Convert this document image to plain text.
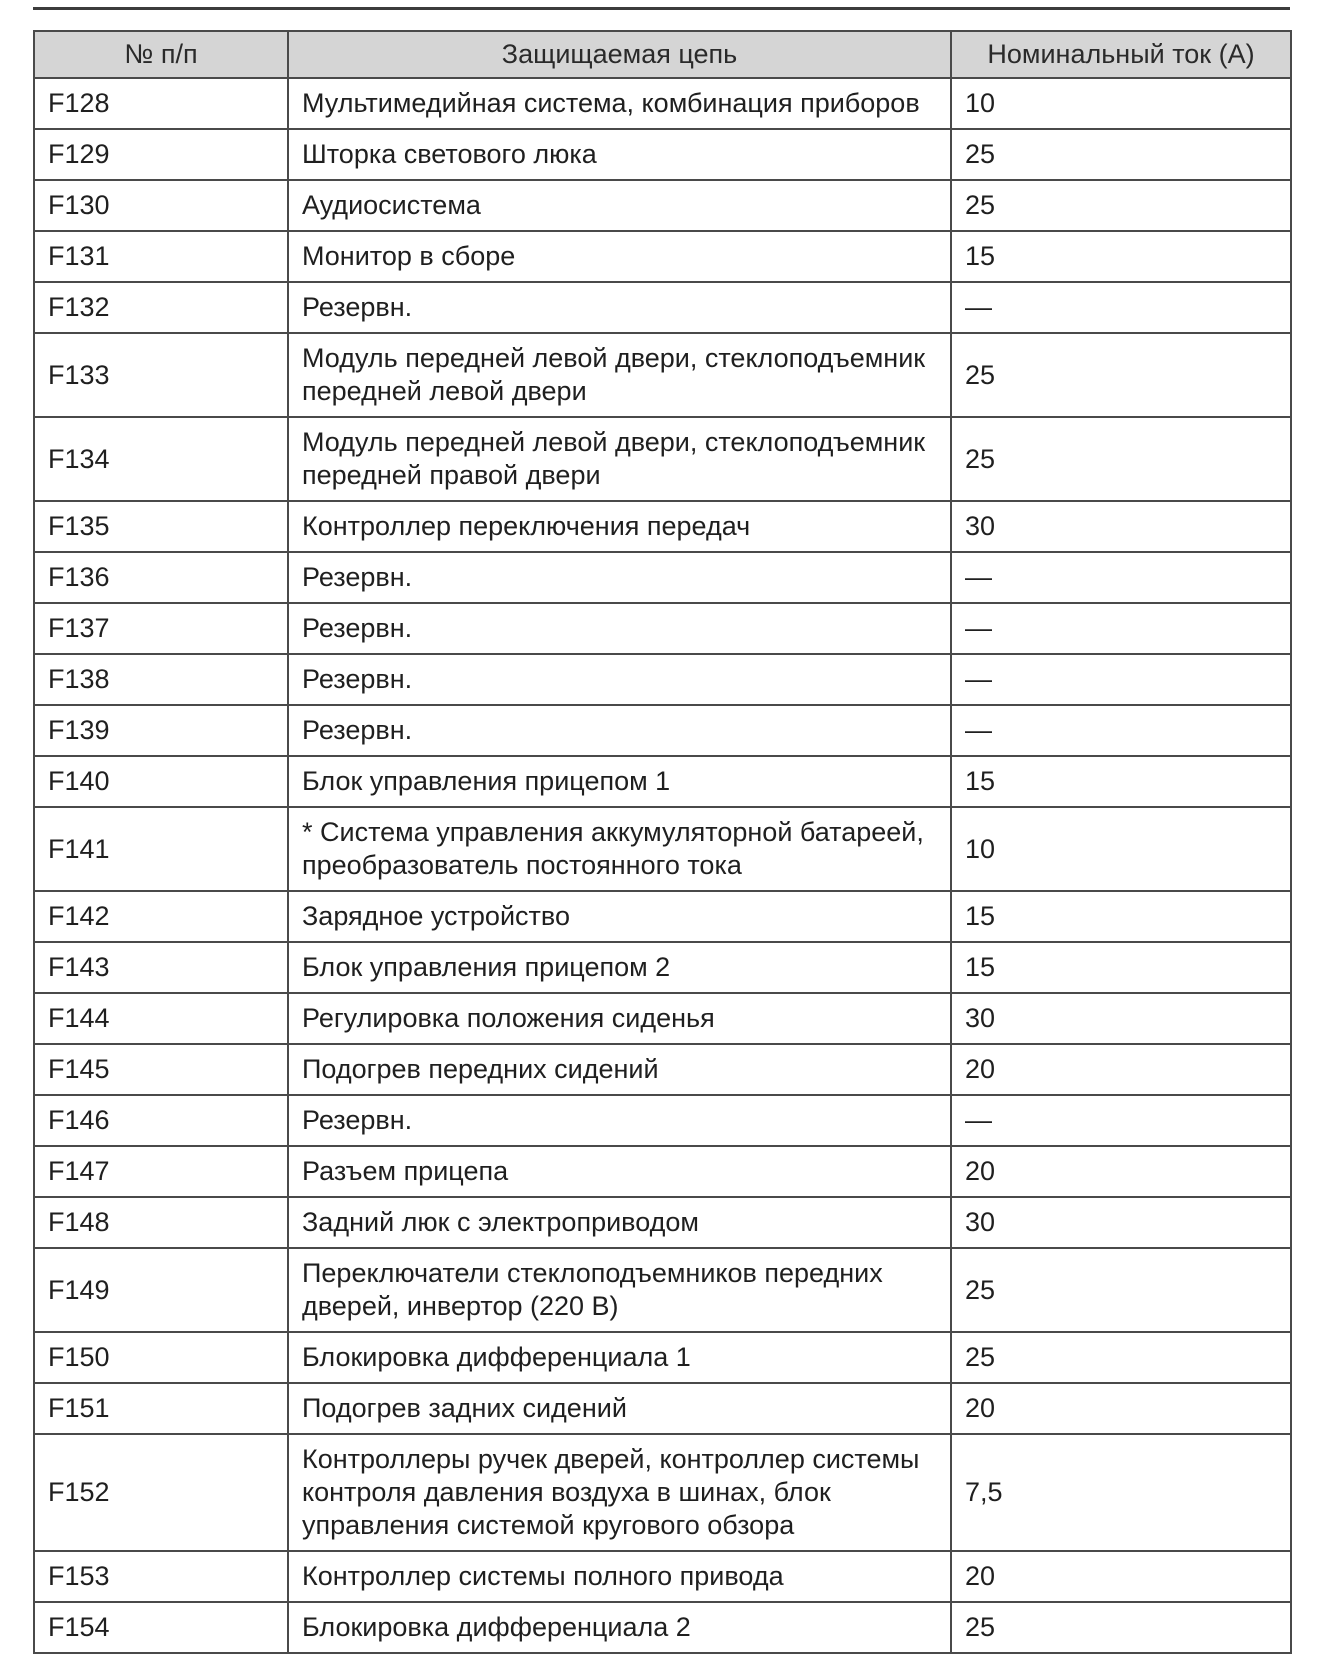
№ п/п	Защищаемая цепь	Номинальный ток (А)
F128	Мультимедийная система, комбинация приборов	10
F129	Шторка светового люка	25
F130	Аудиосистема	25
F131	Монитор в сборе	15
F132	Резервн.	—
F133	Модуль передней левой двери, стеклоподъемник передней левой двери	25
F134	Модуль передней левой двери, стеклоподъемник передней правой двери	25
F135	Контроллер переключения передач	30
F136	Резервн.	—
F137	Резервн.	—
F138	Резервн.	—
F139	Резервн.	—
F140	Блок управления прицепом 1	15
F141	* Система управления аккумуляторной батареей, преобразователь постоянного тока	10
F142	Зарядное устройство	15
F143	Блок управления прицепом 2	15
F144	Регулировка положения сиденья	30
F145	Подогрев передних сидений	20
F146	Резервн.	—
F147	Разъем прицепа	20
F148	Задний люк с электроприводом	30
F149	Переключатели стеклоподъемников передних дверей, инвертор (220 В)	25
F150	Блокировка дифференциала 1	25
F151	Подогрев задних сидений	20
F152	Контроллеры ручек дверей, контроллер системы контроля давления воздуха в шинах, блок управления системой кругового обзора	7,5
F153	Контроллер системы полного привода	20
F154	Блокировка дифференциала 2	25
